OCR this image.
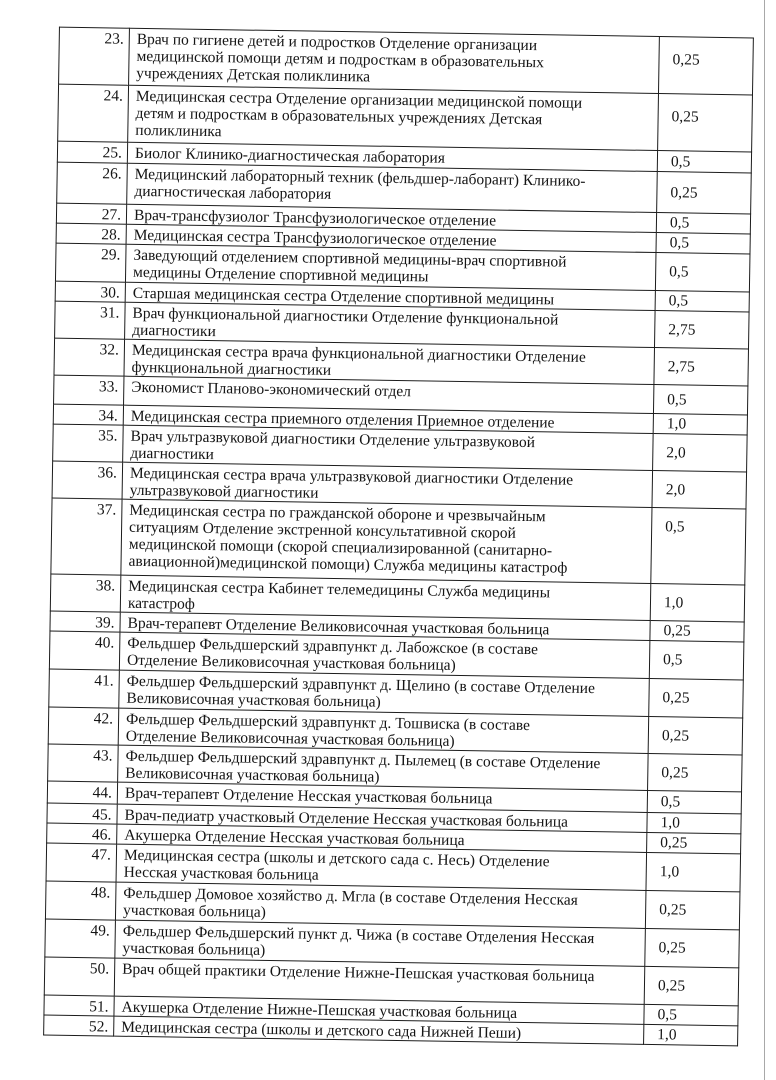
23.	Врач по гигиене детей и подростков Отделение организации медицинской помощи детям и подросткам в образовательных учреждениях Детская поликлиника	0,25
24.	Медицинская сестра Отделение организации медицинской помощи детям и подросткам в образовательных учреждениях Детская поликлиника	0,25
25.	Биолог Клинико-диагностическая лаборатория	0,5
26.	Медицинский лабораторный техник (фельдшер-лаборант) Клинико-диагностическая лаборатория	0,25
27.	Врач-трансфузиолог Трансфузиологическое отделение	0,5
28.	Медицинская сестра Трансфузиологическое отделение	0,5
29.	Заведующий отделением спортивной медицины-врач спортивной медицины Отделение спортивной медицины	0,5
30.	Старшая медицинская сестра Отделение спортивной медицины	0,5
31.	Врач функциональной диагностики Отделение функциональной диагностики	2,75
32.	Медицинская сестра врача функциональной диагностики Отделение функциональной диагностики	2,75
33.	Экономист Планово-экономический отдел	0,5
34.	Медицинская сестра приемного отделения Приемное отделение	1,0
35.	Врач ультразвуковой диагностики Отделение ультразвуковой диагностики	2,0
36.	Медицинская сестра врача ультразвуковой диагностики Отделение ультразвуковой диагностики	2,0
37.	Медицинская сестра по гражданской обороне и чрезвычайным ситуациям Отделение экстренной консультативной скорой медицинской помощи (скорой специализированной (санитарно-авиационной)медицинской помощи) Служба медицины катастроф	0,5
38.	Медицинская сестра Кабинет телемедицины Служба медицины катастроф	1,0
39.	Врач-терапевт Отделение Великовисочная участковая больница	0,25
40.	Фельдшер Фельдшерский здравпункт д. Лабожское (в составе Отделение Великовисочная участковая больница)	0,5
41.	Фельдшер Фельдшерский здравпункт д. Щелино (в составе Отделение Великовисочная участковая больница)	0,25
42.	Фельдшер Фельдшерский здравпункт д. Тошвиска (в составе Отделение Великовисочная участковая больница)	0,25
43.	Фельдшер Фельдшерский здравпункт д. Пылемец (в составе Отделение Великовисочная участковая больница)	0,25
44.	Врач-терапевт Отделение Несская участковая больница	0,5
45.	Врач-педиатр участковый Отделение Несская участковая больница	1,0
46.	Акушерка Отделение Несская участковая больница	0,25
47.	Медицинская сестра (школы и детского сада с. Несь) Отделение Несская участковая больница	1,0
48.	Фельдшер Домовое хозяйство д. Мгла (в составе Отделения Несская участковая больница)	0,25
49.	Фельдшер Фельдшерский пункт д. Чижа (в составе Отделения Несская участковая больница)	0,25
50.	Врач общей практики Отделение Нижне-Пешская участковая больница	0,25
51.	Акушерка Отделение Нижне-Пешская участковая больница	0,5
52.	Медицинская сестра (школы и детского сада Нижней Пеши)	1,0
